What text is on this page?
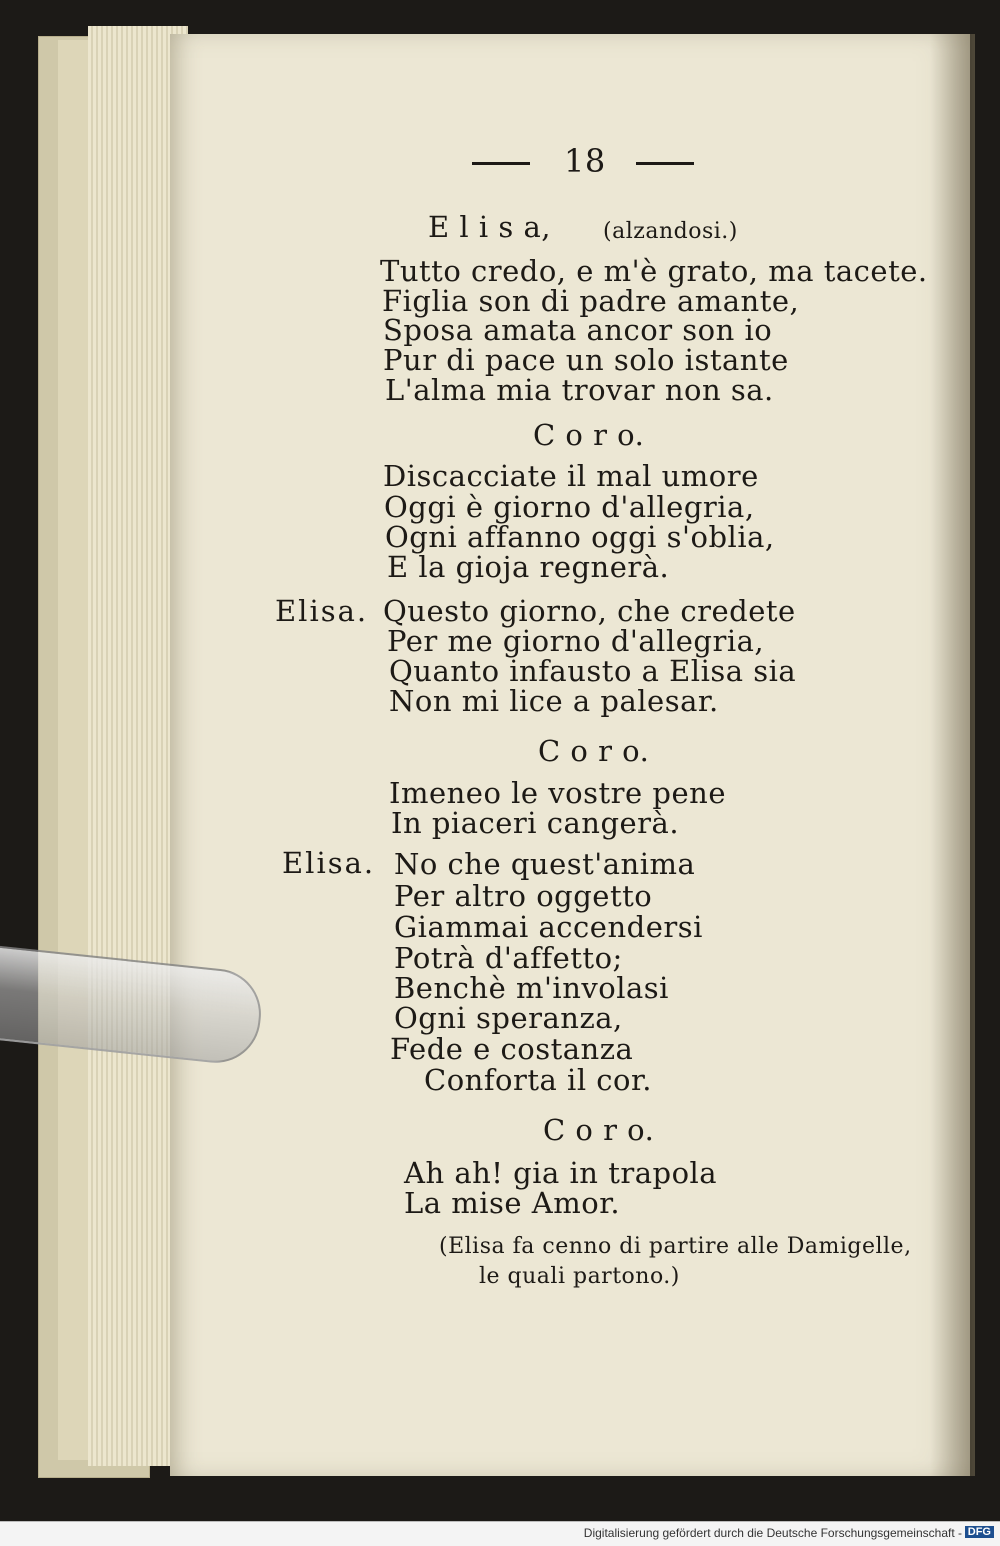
18
E l i s a, (alzandosi.)
Tutto credo, e m'è grato, ma tacete.
Figlia son di padre amante,
Sposa amata ancor son io
Pur di pace un solo istante
L'alma mia trovar non sa.
C o r o.
Discacciate il mal umore
Oggi è giorno d'allegria,
Ogni affanno oggi s'oblia,
E la gioja regnerà.
Elisa. Questo giorno, che credete
Per me giorno d'allegria,
Quanto infausto a Elisa sia
Non mi lice a palesar.
C o r o.
Imeneo le vostre pene
In piaceri cangerà.
Elisa. No che quest'anima
Per altro oggetto
Giammai accendersi
Potrà d'affetto;
Benchè m'involasi
Ogni speranza,
Fede e costanza
Conforta il cor.
C o r o.
Ah ah! gia in trapola
La mise Amor.
(Elisa fa cenno di partire alle Damigelle,
le quali partono.)
Digitalisierung gefördert durch die Deutsche Forschungsgemeinschaft - DFG
